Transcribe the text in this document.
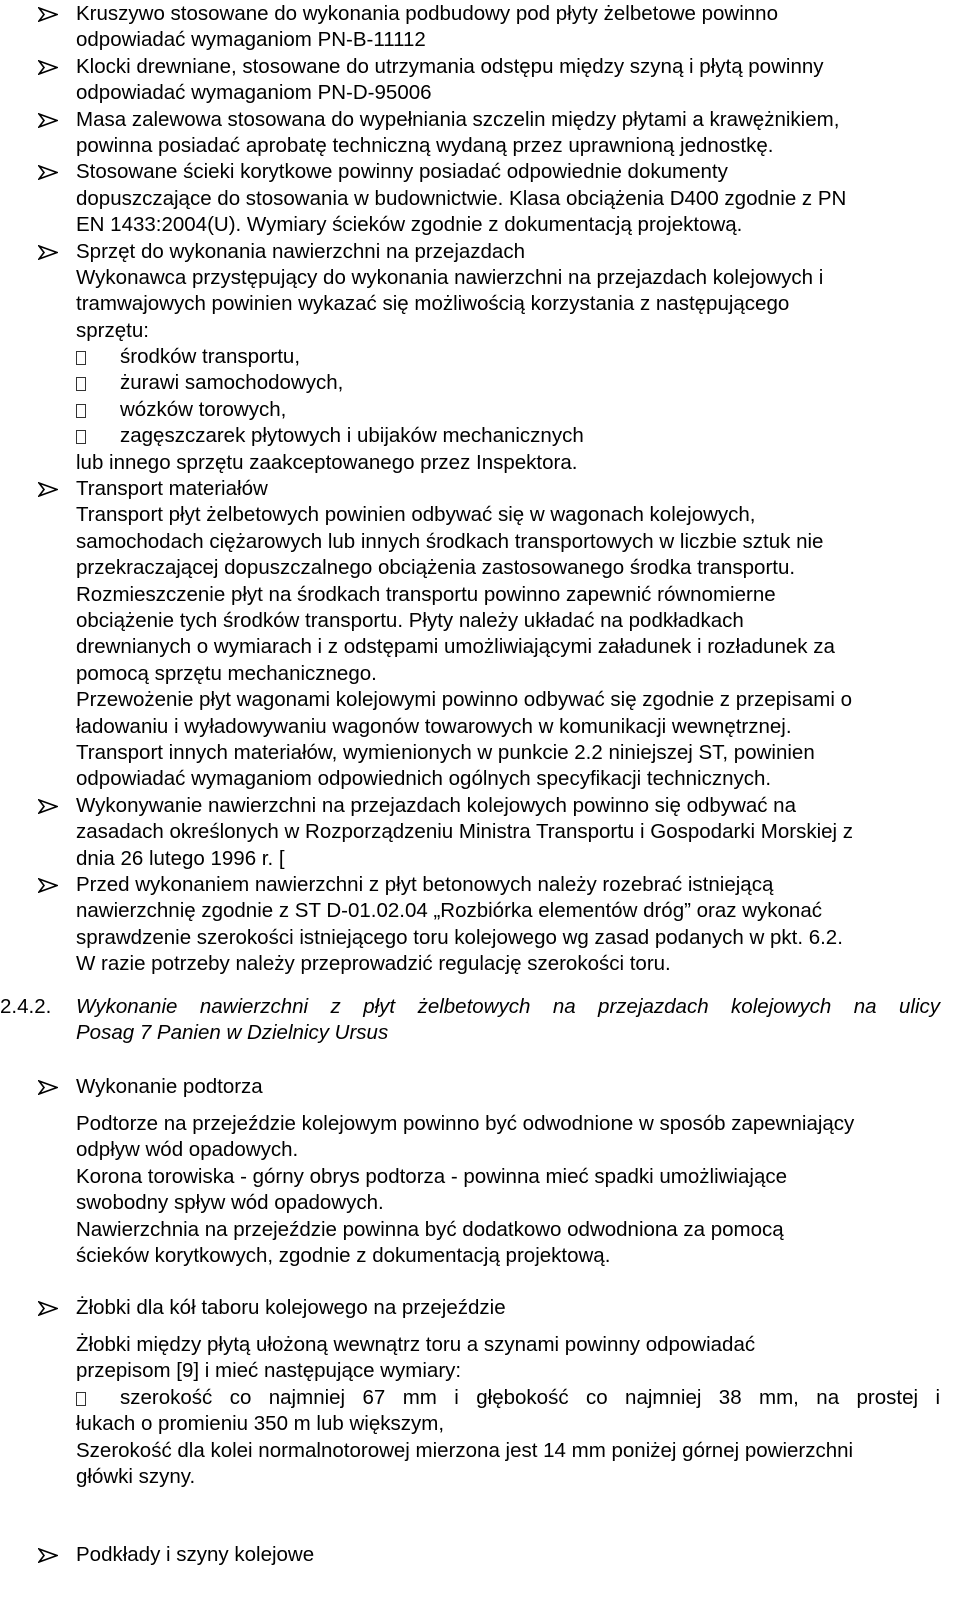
Kruszywo stosowane do wykonania podbudowy pod płyty żelbetowe powinno
odpowiadać wymaganiom PN-B-11112
Klocki drewniane, stosowane do utrzymania odstępu między szyną i płytą powinny
odpowiadać wymaganiom PN-D-95006
Masa zalewowa stosowana do wypełniania szczelin między płytami a krawężnikiem,
powinna posiadać aprobatę techniczną wydaną przez uprawnioną jednostkę.
Stosowane ścieki korytkowe powinny posiadać odpowiednie dokumenty
dopuszczające do stosowania w budownictwie. Klasa obciążenia D400 zgodnie z PN
EN 1433:2004(U). Wymiary ścieków zgodnie z dokumentacją projektową.
Sprzęt do wykonania nawierzchni na przejazdach
Wykonawca przystępujący do wykonania nawierzchni na przejazdach kolejowych i
tramwajowych powinien wykazać się możliwością korzystania z następującego
sprzętu:
środków transportu,
żurawi samochodowych,
wózków torowych,
zagęszczarek płytowych i ubijaków mechanicznych
lub innego sprzętu zaakceptowanego przez Inspektora.
Transport materiałów
Transport płyt żelbetowych powinien odbywać się w wagonach kolejowych,
samochodach ciężarowych lub innych środkach transportowych w liczbie sztuk nie
przekraczającej dopuszczalnego obciążenia zastosowanego środka transportu.
Rozmieszczenie płyt na środkach transportu powinno zapewnić równomierne
obciążenie tych środków transportu. Płyty należy układać na podkładkach
drewnianych o wymiarach i z odstępami umożliwiającymi załadunek i rozładunek za
pomocą sprzętu mechanicznego.
Przewożenie płyt wagonami kolejowymi powinno odbywać się zgodnie z przepisami o
ładowaniu i wyładowywaniu wagonów towarowych w komunikacji wewnętrznej.
Transport innych materiałów, wymienionych w punkcie 2.2 niniejszej ST, powinien
odpowiadać wymaganiom odpowiednich ogólnych specyfikacji technicznych.
Wykonywanie nawierzchni na przejazdach kolejowych powinno się odbywać na
zasadach określonych w Rozporządzeniu Ministra Transportu i Gospodarki Morskiej z
dnia 26 lutego 1996 r. [
Przed wykonaniem nawierzchni z płyt betonowych należy rozebrać istniejącą
nawierzchnię zgodnie z ST D-01.02.04 „Rozbiórka elementów dróg” oraz wykonać
sprawdzenie szerokości istniejącego toru kolejowego wg zasad podanych w pkt. 6.2.
W razie potrzeby należy przeprowadzić regulację szerokości toru.
2.4.2. Wykonanie nawierzchni z płyt żelbetowych na przejazdach kolejowych na ulicy
Posag 7 Panien w Dzielnicy Ursus
Wykonanie podtorza
Podtorze na przejeździe kolejowym powinno być odwodnione w sposób zapewniający
odpływ wód opadowych.
Korona torowiska - górny obrys podtorza - powinna mieć spadki umożliwiające
swobodny spływ wód opadowych.
Nawierzchnia na przejeździe powinna być dodatkowo odwodniona za pomocą
ścieków korytkowych, zgodnie z dokumentacją projektową.
Żłobki dla kół taboru kolejowego na przejeździe
Żłobki między płytą ułożoną wewnątrz toru a szynami powinny odpowiadać
przepisom [9] i mieć następujące wymiary:
szerokość co najmniej 67 mm i głębokość co najmniej 38 mm, na prostej i
łukach o promieniu 350 m lub większym,
Szerokość dla kolei normalnotorowej mierzona jest 14 mm poniżej górnej powierzchni
główki szyny.
Podkłady i szyny kolejowe
